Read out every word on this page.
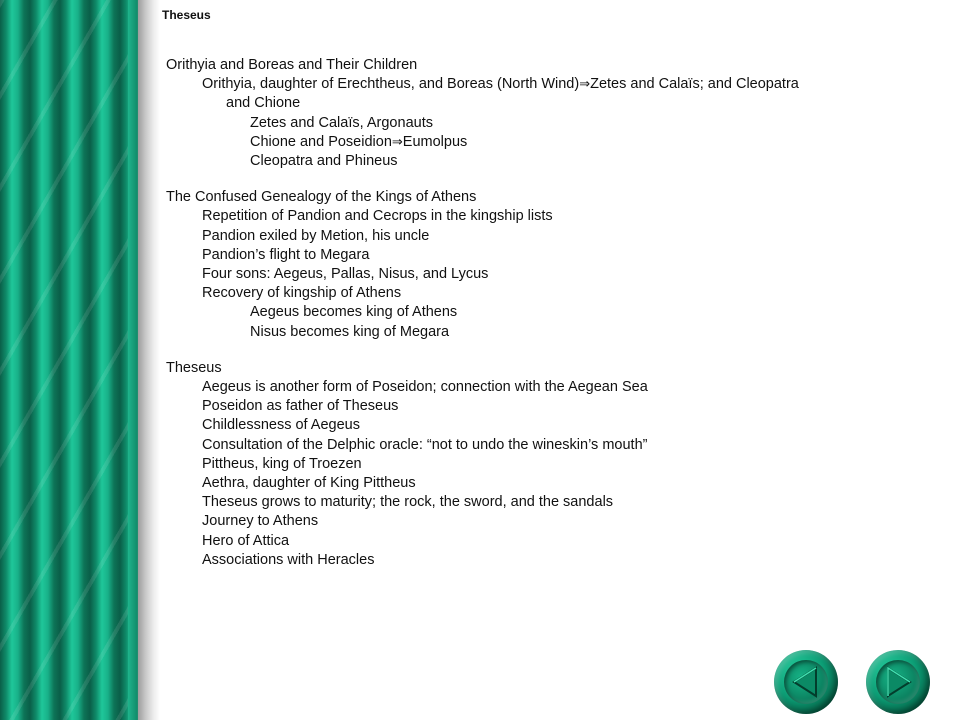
Theseus
Orithyia and Boreas and Their Children
Orithyia, daughter of Erechtheus, and Boreas (North Wind)⇒Zetes and Calaïs; and Cleopatra
and Chione
Zetes and Calaïs, Argonauts
Chione and Poseidion⇒Eumolpus
Cleopatra and Phineus
The Confused Genealogy of the Kings of Athens
Repetition of Pandion and Cecrops in the kingship lists
Pandion exiled by Metion, his uncle
Pandion’s flight to Megara
Four sons: Aegeus, Pallas, Nisus, and Lycus
Recovery of kingship of Athens
Aegeus becomes king of Athens
Nisus becomes king of Megara
Theseus
Aegeus is another form of Poseidon; connection with the Aegean Sea
Poseidon as father of Theseus
Childlessness of Aegeus
Consultation of the Delphic oracle: “not to undo the wineskin’s mouth”
Pittheus, king of Troezen
Aethra, daughter of King Pittheus
Theseus grows to maturity; the rock, the sword, and the sandals
Journey to Athens
Hero of Attica
Associations with Heracles
